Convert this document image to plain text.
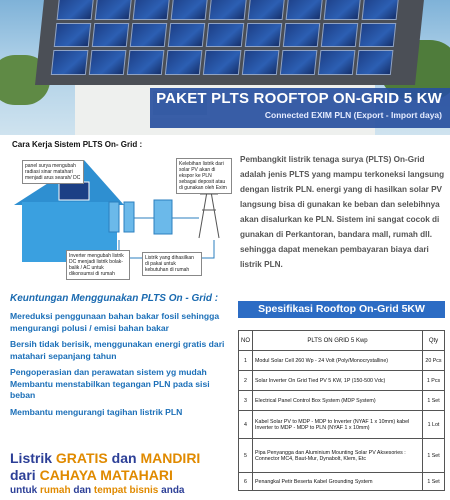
PAKET PLTS ROOFTOP ON-GRID 5 KW
Connected EXIM PLN (Export - Import daya)
Cara Kerja Sistem PLTS On- Grid :
panel surya mengubah radiasi sinar matahari menjadi arus searah/ DC
Kelebihan listrik dari solar PV akan di ekspor ke PLN sebagai deposit atau di gunakan oleh Exim
Inverter mengubah listrik DC menjadi listrik bolak-balik / AC untuk dikonsumsi di rumah
Listrik yang dihasilkan di pakai untuk kebutuhan di rumah
Pembangkit listrik tenaga surya (PLTS) On-Grid adalah jenis PLTS yang mampu terkoneksi langsung dengan listrik PLN. energi yang di hasilkan solar PV langsung bisa di gunakan ke beban dan selebihnya akan disalurkan ke PLN. Sistem ini sangat cocok di gunakan di Perkantoran, bandara mall, rumah dll. sehingga dapat menekan pembayaran biaya dari listrik PLN.
Keuntungan Menggunakan PLTS On - Grid :
Mereduksi penggunaan bahan bakar fosil sehingga mengurangi polusi / emisi bahan bakar
Bersih tidak berisik, menggunakan energi gratis dari matahari sepanjang tahun
Pengoperasian dan perawatan sistem yg mudah Membantu menstabilkan tegangan PLN pada sisi beban
Membantu mengurangi tagihan listrik PLN
Listrik GRATIS dan MANDIRI
dari CAHAYA MATAHARI
untuk rumah dan tempat bisnis anda
Spesifikasi Rooftop On-Grid 5KW
NO	PLTS ON GRID 5 Kwp	Qty
1	Modul Solar Cell 260 Wp - 24 Volt (Poly/Monocrystalline)	20 Pcs
2	Solar Inverter On Grid Tied PV 5 KW, 1P (150-500 Vdc)	1 Pcs
3	Electrical Panel Control Box System (MDP System)	1 Set
4	Kabel Solar PV to MDP - MDP to Inverter (NYAF 1 x 10mm) kabel Inverter to MDP - MDP to PLN (NYAF 1 x 10mm)	1 Lot
5	Pipa Penyangga dan Aluminium Mounting Solar PV Aksesories : Connector MC4, Baut-Mur, Dynabolt, Klem, Etc	1 Set
6	Penangkal Petir Beserta Kabel Grounding System	1 Set
